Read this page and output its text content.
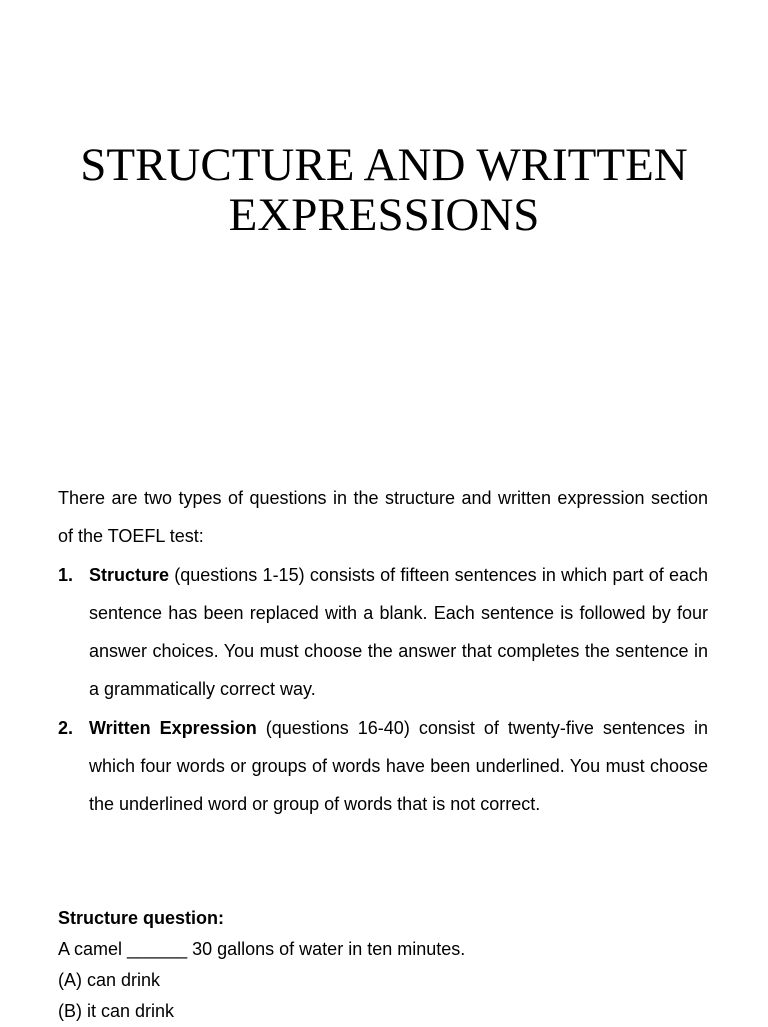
STRUCTURE AND WRITTEN
EXPRESSIONS

There are two types of questions in the structure and written expression section of the TOEFL test:

1. Structure (questions 1-15) consists of fifteen sentences in which part of each sentence has been replaced with a blank. Each sentence is followed by four answer choices. You must choose the answer that completes the sentence in a grammatically correct way.
2. Written Expression (questions 16-40) consist of twenty-five sentences in which four words or groups of words have been underlined. You must choose the underlined word or group of words that is not correct.
Structure question:
A camel ______ 30 gallons of water in ten minutes.
(A) can drink
(B) it can drink
